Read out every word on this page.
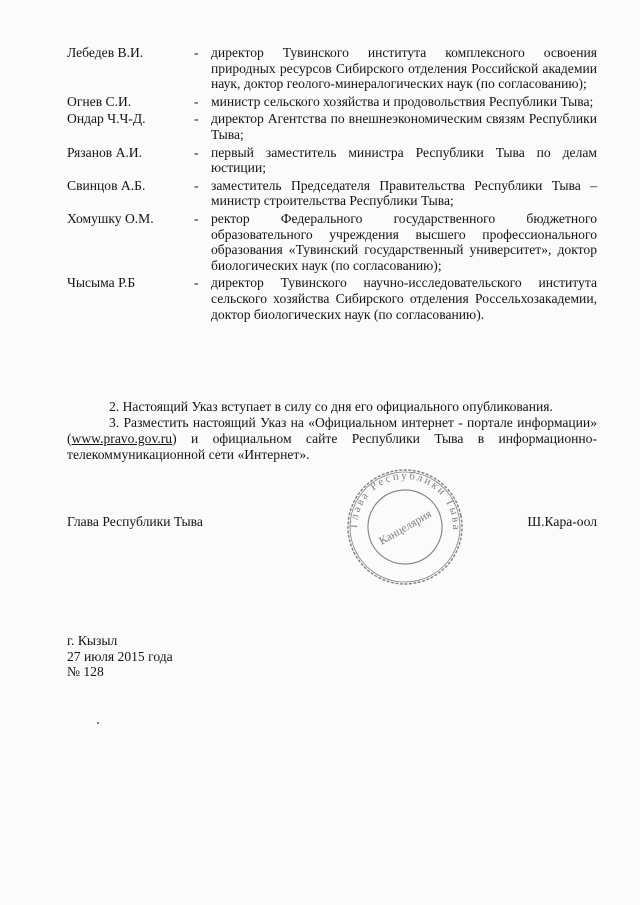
Лебедев В.И.	- директор Тувинского института комплексного освоения природных ресурсов Сибирского отделения Российской академии наук, доктор геолого-минералогических наук (по согласованию);
Огнев С.И.	- министр сельского хозяйства и продовольствия Республики Тыва;
Ондар Ч.Ч-Д.	- директор Агентства по внешнеэкономическим связям Республики Тыва;
Рязанов А.И.	- первый заместитель министра Республики Тыва по делам юстиции;
Свинцов А.Б.	- заместитель Председателя Правительства Республики Тыва – министр строительства Республики Тыва;
Хомушку О.М.	- ректор Федерального государственного бюджетного образовательного учреждения высшего профессионального образования «Тувинский государственный университет», доктор биологических наук (по согласованию);
Чысыма Р.Б	- директор Тувинского научно-исследовательского института сельского хозяйства Сибирского отделения Россельхозакадемии, доктор биологических наук (по согласованию).

2. Настоящий Указ вступает в силу со дня его официального опубликования.

3. Разместить настоящий Указ на «Официальном интернет - портале информации» (www.pravo.gov.ru) и официальном сайте Республики Тыва в информационно-телекоммуникационной сети «Интернет».

Глава Республики Тыва	Ш.Кара-оол
Глава Республики Тыва
Канцелярия
г. Кызыл
27 июля 2015 года
№ 128
